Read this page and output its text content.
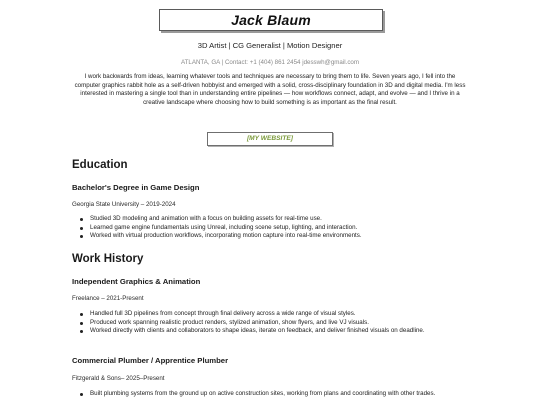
Jack Blaum
3D Artist | CG Generalist | Motion Designer
ATLANTA, GA | Contact: +1 (404) 861 2454 jdesswh@gmail.com
I work backwards from ideas, learning whatever tools and techniques are necessary to bring them to life. Seven years ago, I fell into the computer graphics rabbit hole as a self-driven hobbyist and emerged with a solid, cross-disciplinary foundation in 3D and digital media. I'm less interested in mastering a single tool than in understanding entire pipelines — how workflows connect, adapt, and evolve — and I thrive in a creative landscape where choosing how to build something is as important as the final result.
[MY WEBSITE]
Education
Bachelor's Degree in Game Design
Georgia State University – 2019-2024
Studied 3D modeling and animation with a focus on building assets for real-time use.
Learned game engine fundamentals using Unreal, including scene setup, lighting, and interaction.
Worked with virtual production workflows, incorporating motion capture into real-time environments.
Work History
Independent Graphics & Animation
Freelance – 2021-Present
Handled full 3D pipelines from concept through final delivery across a wide range of visual styles.
Produced work spanning realistic product renders, stylized animation, show flyers, and live VJ visuals.
Worked directly with clients and collaborators to shape ideas, iterate on feedback, and deliver finished visuals on deadline.
Commercial Plumber / Apprentice Plumber
Fitzgerald & Sons– 2025–Present
Built plumbing systems from the ground up on active construction sites, working from plans and coordinating with other trades.
